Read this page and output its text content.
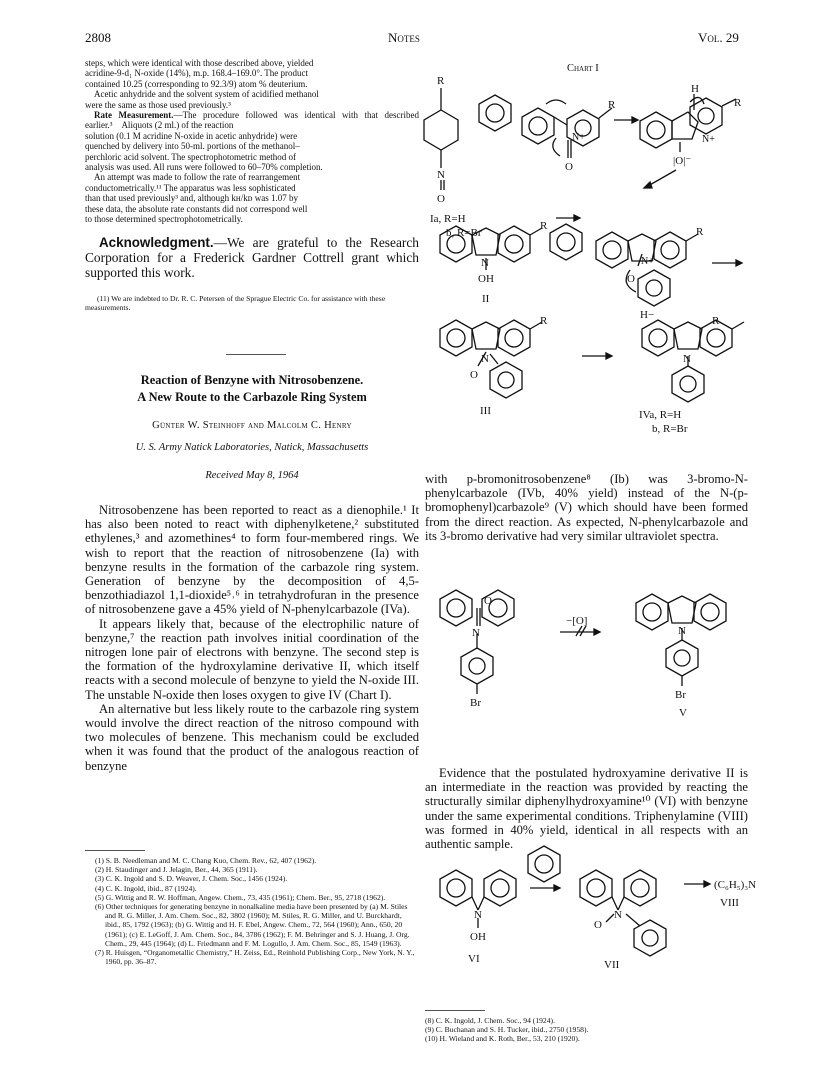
2808	Notes	Vol. 29
steps, which were identical with those described above, yielded
acridine-9-d₁ N-oxide (14%), m.p. 168.4–169.0°. The product
contained 10.25 (corresponding to 92.3/9) atom % deuterium.
 Acetic anhydride and the solvent system of acidified methanol
were the same as those used previously.³
 Rate Measurement.—The procedure followed was identical with that described earlier.³ Aliquots (2 ml.) of the reaction
solution (0.1 M acridine N-oxide in acetic anhydride) were
quenched by delivery into 50-ml. portions of the methanol–
perchloric acid solvent. The spectrophotometric method of
analysis was used. All runs were followed to 60–70% completion.
 An attempt was made to follow the rate of rearrangement
conductometrically.¹¹ The apparatus was less sophisticated
than that used previously³ and, although kʜ/kᴅ was 1.07 by
these data, the absolute rate constants did not correspond well
to those determined spectrophotometrically.
Acknowledgment.—We are grateful to the Research Corporation for a Frederick Gardner Cottrell grant which supported this work.
(11) We are indebted to Dr. R. C. Petersen of the Sprague Electric Co. for assistance with these measurements.
Reaction of Benzyne with Nitrosobenzene.
A New Route to the Carbazole Ring System
Günter W. Steinhoff and Malcolm C. Henry
U. S. Army Natick Laboratories, Natick, Massachusetts
Received May 8, 1964

Nitrosobenzene has been reported to react as a dienophile.¹ It has also been noted to react with diphenylketene,² substituted ethylenes,³ and azomethines⁴ to form four-membered rings. We wish to report that the reaction of nitrosobenzene (Ia) with benzyne results in the formation of the carbazole ring system. Generation of benzyne by the decomposition of 4,5-benzothiadiazol 1,1-dioxide⁵˒⁶ in tetrahydrofuran in the presence of nitrosobenzene gave a 45% yield of N-phenylcarbazole (IVa).

It appears likely that, because of the electrophilic nature of benzyne,⁷ the reaction path involves initial coordination of the nitrogen lone pair of electrons with benzyne. The second step is the formation of the hydroxylamine derivative II, which itself reacts with a second molecule of benzyne to yield the N-oxide III. The unstable N-oxide then loses oxygen to give IV (Chart I).

An alternative but less likely route to the carbazole ring system would involve the direct reaction of the nitroso compound with two molecules of benzene. This mechanism could be excluded when it was found that the product of the analogous reaction of benzyne

(1) S. B. Needleman and M. C. Chang Kuo, Chem. Rev., 62, 407 (1962).
(2) H. Staudinger and J. Jelagin, Ber., 44, 365 (1911).
(3) C. K. Ingold and S. D. Weaver, J. Chem. Soc., 1456 (1924).
(4) C. K. Ingold, ibid., 87 (1924).
(5) G. Wittig and R. W. Hoffman, Angew. Chem., 73, 435 (1961); Chem. Ber., 95, 2718 (1962).
(6) Other techniques for generating benzyne in nonalkaline media have been presented by (a) M. Stiles and R. G. Miller, J. Am. Chem. Soc., 82, 3802 (1960); M. Stiles, R. G. Miller, and U. Burckhardt, ibid., 85, 1792 (1963); (b) G. Wittig and H. F. Ebel, Angew. Chem., 72, 564 (1960); Ann., 650, 20 (1961); (c) E. LeGoff, J. Am. Chem. Soc., 84, 3786 (1962); F. M. Behringer and S. J. Huang, J. Org. Chem., 29, 445 (1964); (d) L. Friedmann and F. M. Logullo, J. Am. Chem. Soc., 85, 1549 (1963).
(7) R. Huisgen, “Organometallic Chemistry,” H. Zeiss, Ed., Reinhold Publishing Corp., New York, N. Y., 1960, pp. 36–87.
Chart I
R
N
O
Ia, R=H
b, R=Br
R
N+
O
H
R
N+
|O|⁻
R
N
OH
II
R
N+
O
H−
R
N
O
III
R
N
IVa, R=H
b, R=Br
with p-bromonitrosobenzene⁸ (Ib) was 3-bromo-N-phenylcarbazole (IVb, 40% yield) instead of the N-(p-bromophenyl)carbazole⁹ (V) which should have been formed from the direct reaction. As expected, N-phenylcarbazole and its 3-bromo derivative had very similar ultraviolet spectra.
O
N
Br
−[O]
N
Br
V

Evidence that the postulated hydroxyamine derivative II is an intermediate in the reaction was provided by reacting the structurally similar diphenylhydroxyamine¹⁰ (VI) with benzyne under the same experimental conditions. Triphenylamine (VIII) was formed in 40% yield, identical in all respects with an authentic sample.

N
OH
VI
N
O
VII
(C₆H₅)₃N
VIII
(8) C. K. Ingold, J. Chem. Soc., 94 (1924).
(9) C. Buchanan and S. H. Tucker, ibid., 2750 (1958).
(10) H. Wieland and K. Roth, Ber., 53, 210 (1920).
